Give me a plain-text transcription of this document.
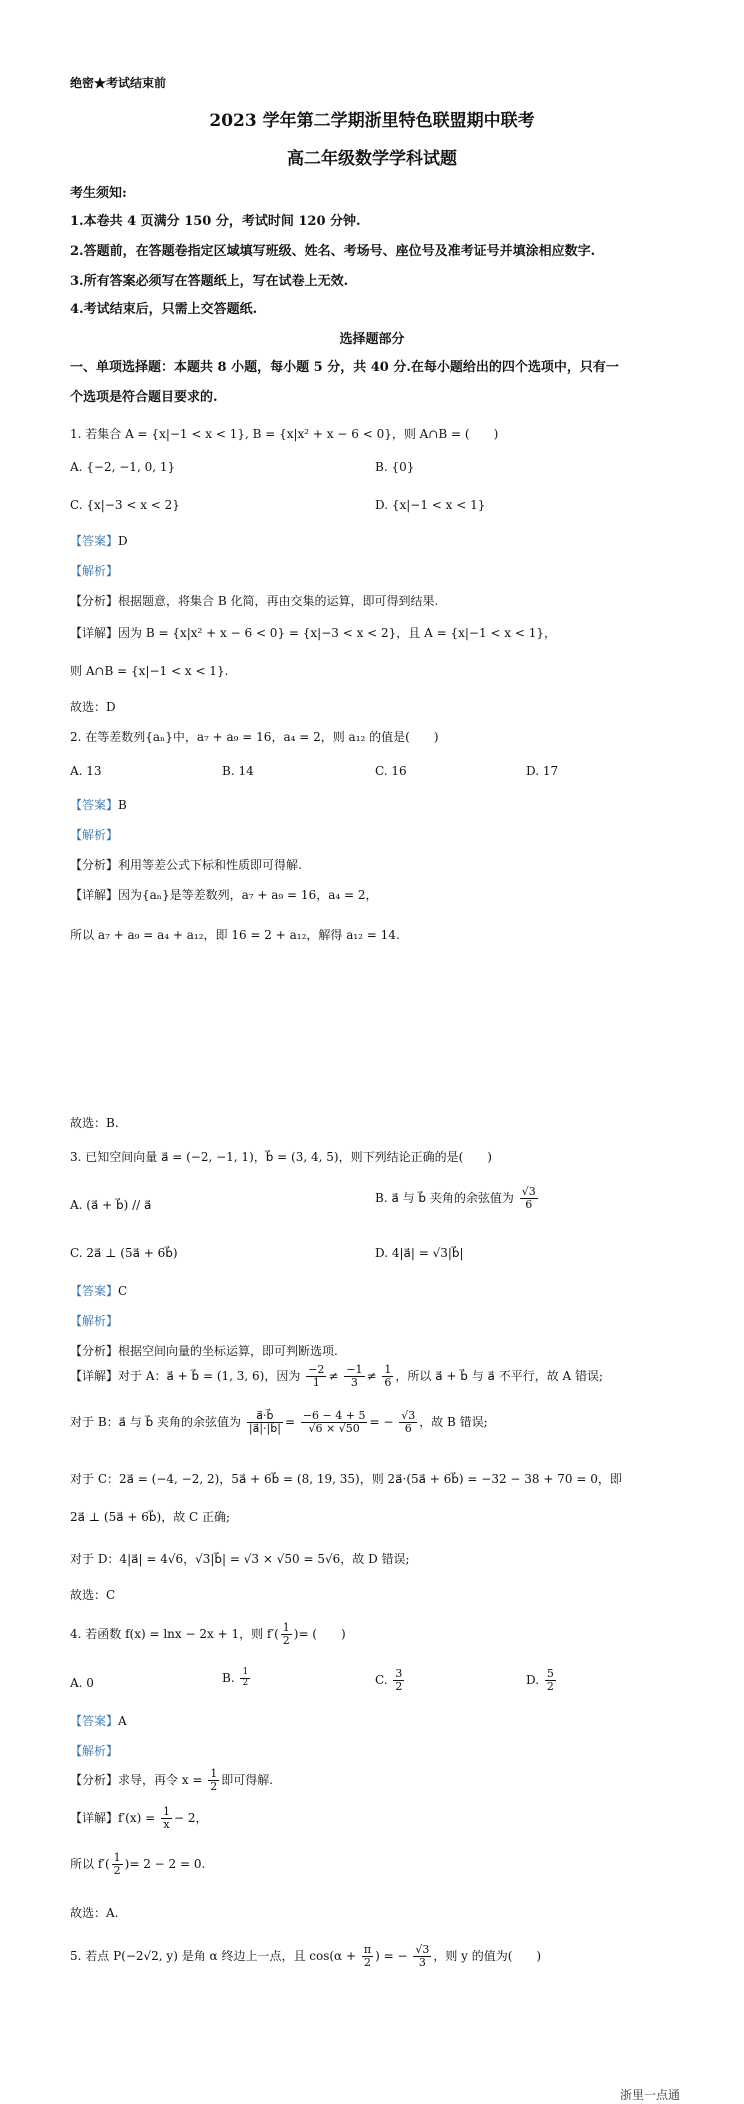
绝密★考试结束前
2023 学年第二学期浙里特色联盟期中联考
高二年级数学学科试题
考生须知:
1.本卷共 4 页满分 150 分，考试时间 120 分钟.
2.答题前，在答题卷指定区域填写班级、姓名、考场号、座位号及准考证号并填涂相应数字.
3.所有答案必须写在答题纸上，写在试卷上无效.
4.考试结束后，只需上交答题纸.
选择题部分
一、单项选择题：本题共 8 小题，每小题 5 分，共 40 分.在每小题给出的四个选项中，只有一
个选项是符合题目要求的.
1. 若集合 A = {x|−1 < x < 1}, B = {x|x² + x − 6 < 0}，则 A∩B = (　　)
A. {−2, −1, 0, 1}	B. {0}
C. {x|−3 < x < 2}	D. {x|−1 < x < 1}
【答案】D
【解析】
【分析】根据题意，将集合 B 化简，再由交集的运算，即可得到结果.
【详解】因为 B = {x|x² + x − 6 < 0} = {x|−3 < x < 2}，且 A = {x|−1 < x < 1}，
则 A∩B = {x|−1 < x < 1}.
故选：D
2. 在等差数列{aₙ}中，a₇ + a₉ = 16，a₄ = 2，则 a₁₂ 的值是(　　)
A. 13	B. 14	C. 16	D. 17
【答案】B
【解析】
【分析】利用等差公式下标和性质即可得解.
【详解】因为{aₙ}是等差数列，a₇ + a₉ = 16，a₄ = 2，
所以 a₇ + a₉ = a₄ + a₁₂，即 16 = 2 + a₁₂，解得 a₁₂ = 14.
故选：B.
3. 已知空间向量 a⃗ = (−2, −1, 1)，b⃗ = (3, 4, 5)，则下列结论正确的是(　　)
A. (a⃗ + b⃗) // a⃗	B. a⃗ 与 b⃗ 夹角的余弦值为 $\frac{√3}{6}$
C. 2a⃗ ⊥ (5a⃗ + 6b⃗)	D. 4|a⃗| = √3|b⃗|
【答案】C
【解析】
【分析】根据空间向量的坐标运算，即可判断选项.
【详解】对于 A：a⃗ + b⃗ = (1, 3, 6)，因为 $\frac{-2}{1} \ne \frac{-1}{3} \ne \frac{1}{6}$ ，所以 a⃗ + b⃗ 与 a⃗ 不平行，故 A 错误;
对于 B：a⃗ 与 b⃗ 夹角的余弦值为 $\frac{a⃗\cdot b⃗}{|a⃗|\cdot|b⃗|} = \frac{-6 - 4 + 5}{√6 \times √50}$ = − $\frac{√3}{6}$ ，故 B 错误;
对于 C：2a⃗ = (−4, −2, 2)，5a⃗ + 6b⃗ = (8, 19, 35)，则 2a⃗·(5a⃗ + 6b⃗) = −32 − 38 + 70 = 0，即
2a⃗ ⊥ (5a⃗ + 6b⃗)，故 C 正确;
对于 D：4|a⃗| = 4√6，√3|b⃗| = √3 × √50 = 5√6，故 D 错误;
故选：C
4. 若函数 f(x) = lnx − 2x + 1，则 $f'( \frac{1}{2}$ )= (　　)
A. 0	B. $\frac{1}{2}$	C. $\frac{3}{2}$	D. $\frac{5}{2}$
【答案】A
【解析】
【分析】求导，再令 $x = \frac{1}{2}$ 即可得解.
【详解】$f'(x) = \frac{1}{x} - 2$，
所以 $f'( \frac{1}{2}$ )= 2 − 2 = 0.
故选：A.
5. 若点 P(−2√2, y) 是角 α 终边上一点，且 $\cos(\alpha + \frac{\pi}{2}$ ) = − $\frac{√3}{3}$ ，则 y 的值为(　　)
浙里一点通
